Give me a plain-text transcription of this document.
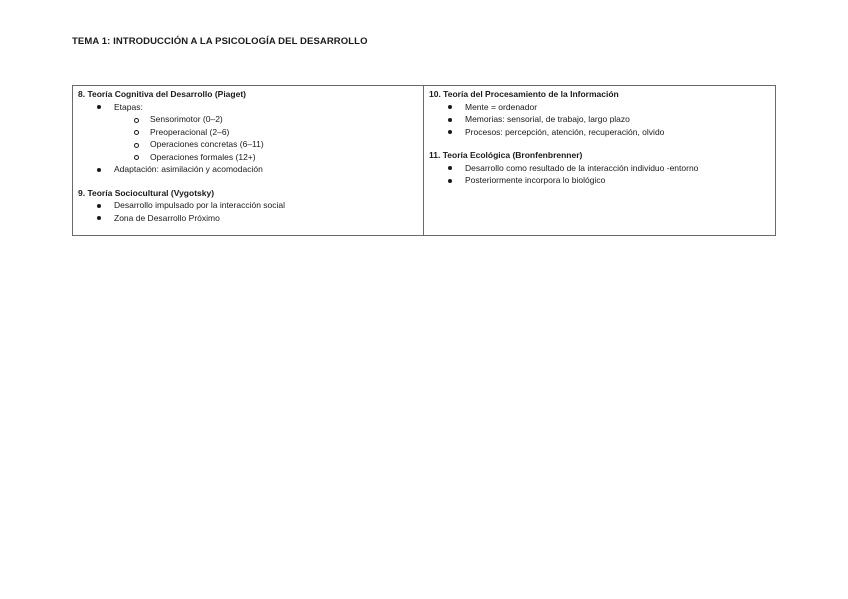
TEMA 1: INTRODUCCIÓN A LA PSICOLOGÍA DEL DESARROLLO
8. Teoría Cognitiva del Desarrollo (Piaget)
Etapas:
Sensorimotor (0–2)
Preoperacional (2–6)
Operaciones concretas (6–11)
Operaciones formales (12+)
Adaptación: asimilación y acomodación
9. Teoría Sociocultural (Vygotsky)
Desarrollo impulsado por la interacción social
Zona de Desarrollo Próximo
10. Teoría del Procesamiento de la Información
Mente = ordenador
Memorias: sensorial, de trabajo, largo plazo
Procesos: percepción, atención, recuperación, olvido
11. Teoría Ecológica (Bronfenbrenner)
Desarrollo como resultado de la interacción individuo -entorno
Posteriormente incorpora lo biológico
